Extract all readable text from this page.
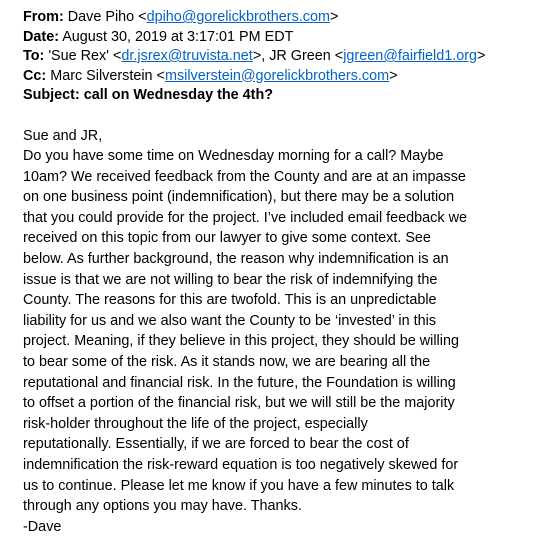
From: Dave Piho <dpiho@gorelickbrothers.com>
Date: August 30, 2019 at 3:17:01 PM EDT
To: 'Sue Rex' <dr.jsrex@truvista.net>, JR Green <jgreen@fairfield1.org>
Cc: Marc Silverstein <msilverstein@gorelickbrothers.com>
Subject: call on Wednesday the 4th?
Sue and JR,
Do you have some time on Wednesday morning for a call? Maybe
10am? We received feedback from the County and are at an impasse
on one business point (indemnification), but there may be a solution
that you could provide for the project. I’ve included email feedback we
received on this topic from our lawyer to give some context. See
below. As further background, the reason why indemnification is an
issue is that we are not willing to bear the risk of indemnifying the
County. The reasons for this are twofold. This is an unpredictable
liability for us and we also want the County to be ‘invested’ in this
project. Meaning, if they believe in this project, they should be willing
to bear some of the risk. As it stands now, we are bearing all the
reputational and financial risk. In the future, the Foundation is willing
to offset a portion of the financial risk, but we will still be the majority
risk-holder throughout the life of the project, especially
reputationally. Essentially, if we are forced to bear the cost of
indemnification the risk-reward equation is too negatively skewed for
us to continue. Please let me know if you have a few minutes to talk
through any options you may have. Thanks.
-Dave
